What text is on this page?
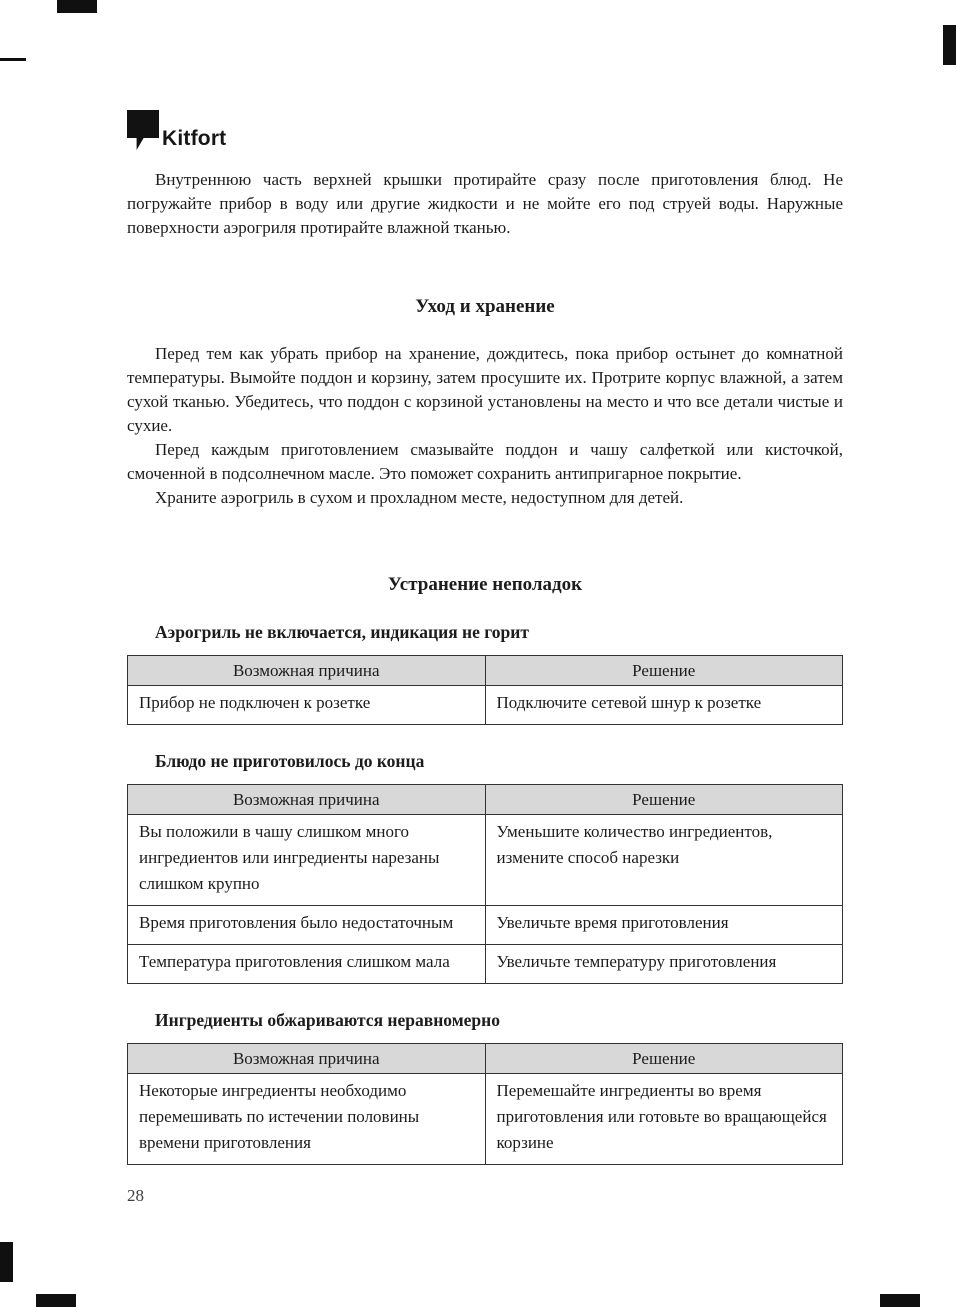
Kitfort

Внутреннюю часть верхней крышки протирайте сразу после приготовления блюд. Не погружайте прибор в воду или другие жидкости и не мойте его под струей воды. Наружные поверхности аэрогриля протирайте влажной тканью.

Уход и хранение

Перед тем как убрать прибор на хранение, дождитесь, пока прибор остынет до комнатной температуры. Вымойте поддон и корзину, затем просушите их. Протрите корпус влажной, а затем сухой тканью. Убедитесь, что поддон с корзиной установлены на место и что все детали чистые и сухие.

Перед каждым приготовлением смазывайте поддон и чашу салфеткой или кисточкой, смоченной в подсолнечном масле. Это поможет сохранить антипригарное покрытие.

Храните аэрогриль в сухом и прохладном месте, недоступном для детей.

Устранение неполадок
Аэрогриль не включается, индикация не горит
Возможная причина	Решение
Прибор не подключен к розетке	Подключите сетевой шнур к розетке
Блюдо не приготовилось до конца
Возможная причина	Решение
Вы положили в чашу слишком много ингредиентов или ингредиенты нарезаны слишком крупно	Уменьшите количество ингредиентов, измените способ нарезки
Время приготовления было недостаточным	Увеличьте время приготовления
Температура приготовления слишком мала	Увеличьте температуру приготовления
Ингредиенты обжариваются неравномерно
Возможная причина	Решение
Некоторые ингредиенты необходимо перемешивать по истечении половины времени приготовления	Перемешайте ингредиенты во время приготовления или готовьте во вращающейся корзине
28
